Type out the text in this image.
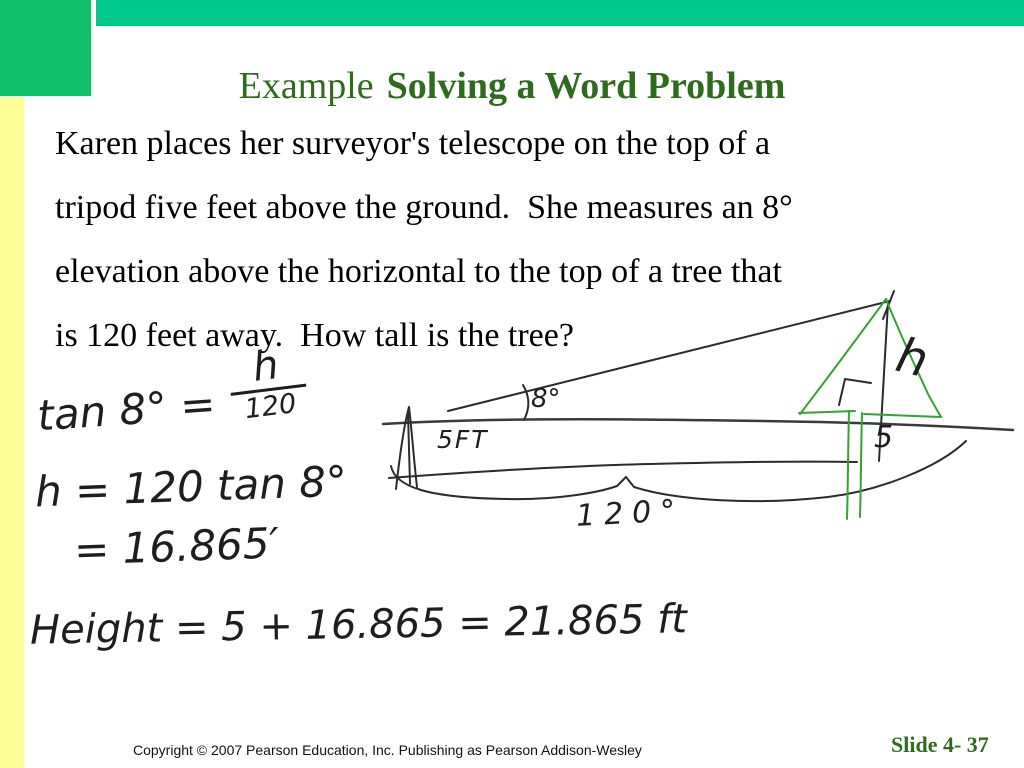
Example Solving a Word Problem

Karen places her surveyor's telescope on the top of a

tripod five feet above the ground.  She measures an 8°

elevation above the horizontal to the top of a tree that

is 120 feet away.  How tall is the tree?

tan 8° =
h
120
h = 120 tan 8°
= 16.865′
Height = 5 + 16.865 = 21.865 ft
8°
5FT
h
5
120°
Copyright © 2007 Pearson Education, Inc. Publishing as Pearson Addison-Wesley	Slide 4- 37
